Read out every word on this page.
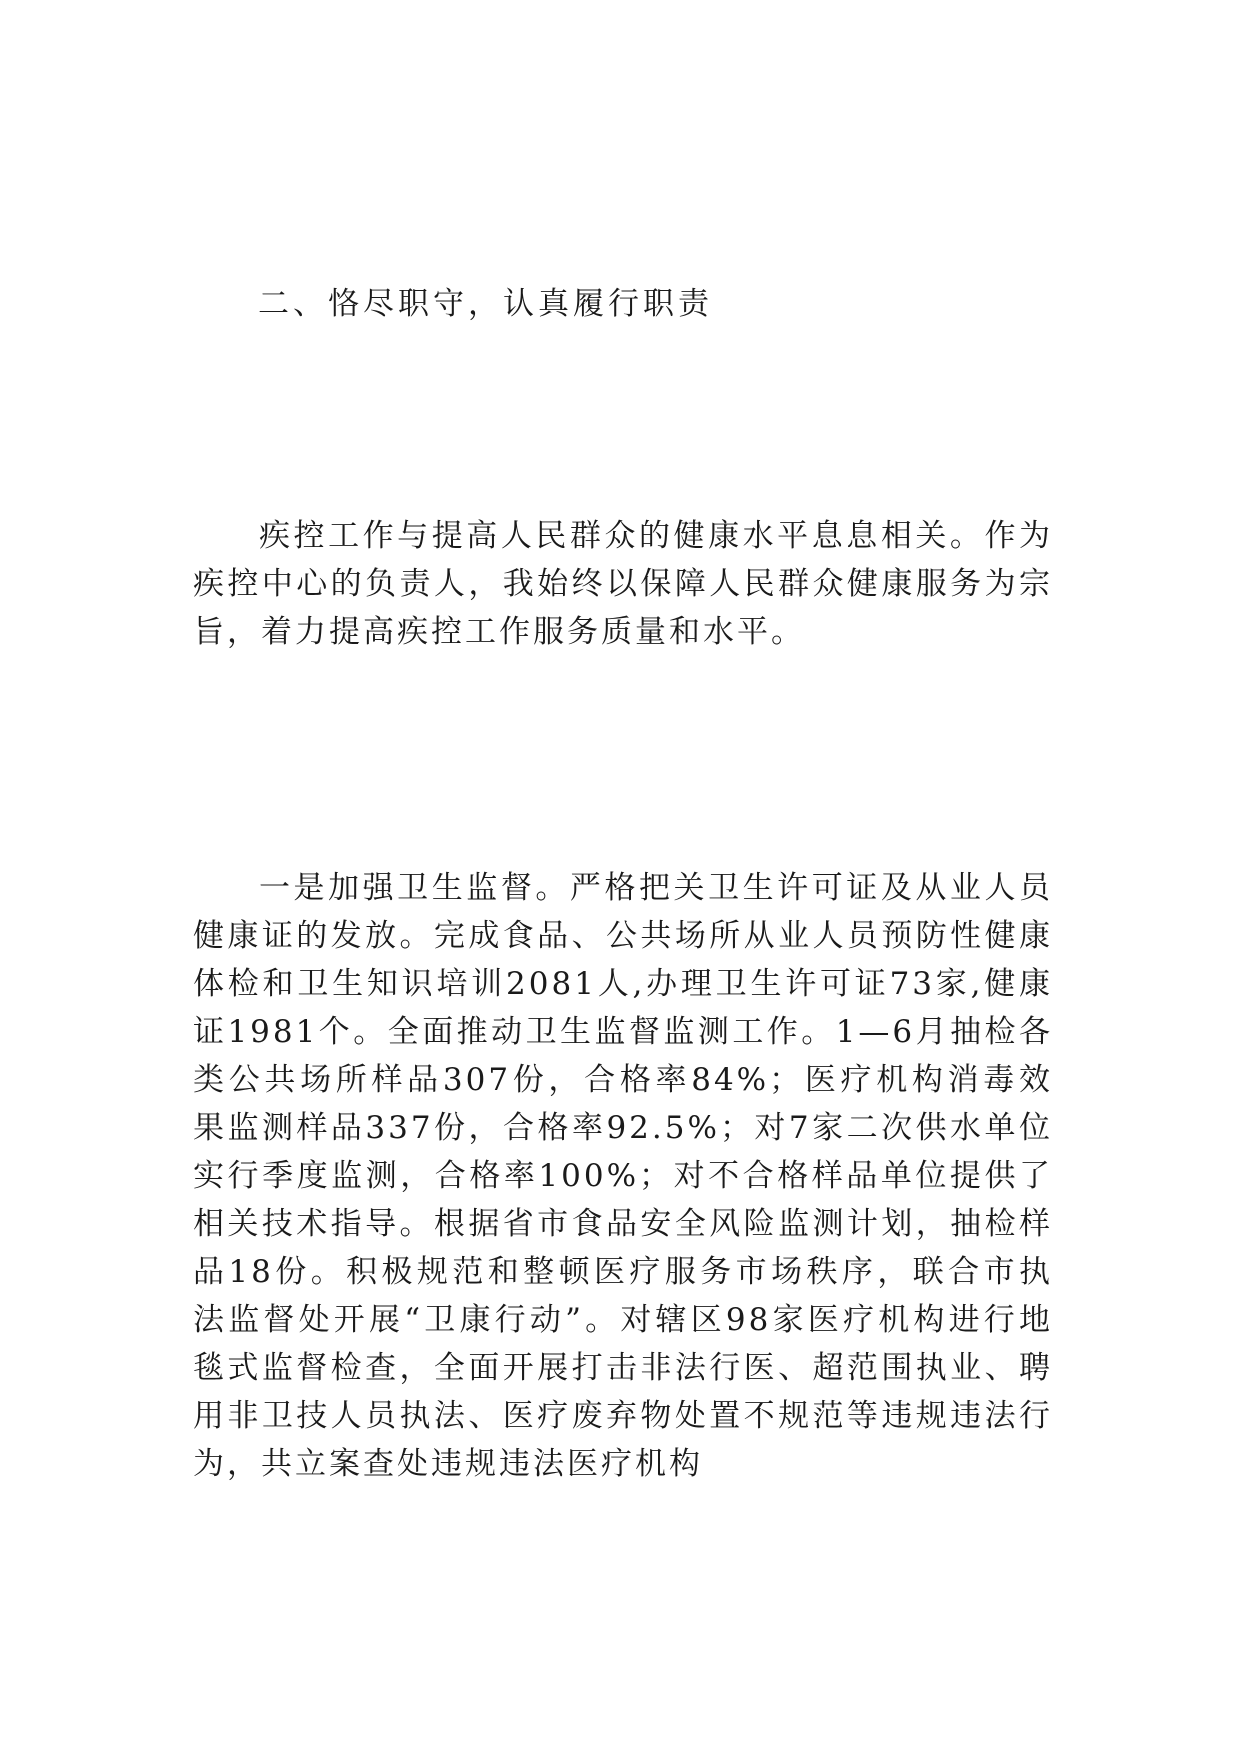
二、恪尽职守，认真履行职责

疾控工作与提高人民群众的健康水平息息相关。作为疾控中心的负责人，我始终以保障人民群众健康服务为宗旨，着力提高疾控工作服务质量和水平。

一是加强卫生监督。严格把关卫生许可证及从业人员健康证的发放。完成食品、公共场所从业人员预防性健康体检和卫生知识培训2081人,办理卫生许可证73家,健康证1981个。全面推动卫生监督监测工作。1—6月抽检各类公共场所样品307份，合格率84%；医疗机构消毒效果监测样品337份，合格率92.5%；对7家二次供水单位实行季度监测，合格率100%；对不合格样品单位提供了相关技术指导。根据省市食品安全风险监测计划，抽检样品18份。积极规范和整顿医疗服务市场秩序，联合市执法监督处开展“卫康行动”。对辖区98家医疗机构进行地毯式监督检查，全面开展打击非法行医、超范围执业、聘用非卫技人员执法、医疗废弃物处置不规范等违规违法行为，共立案查处违规违法医疗机构
